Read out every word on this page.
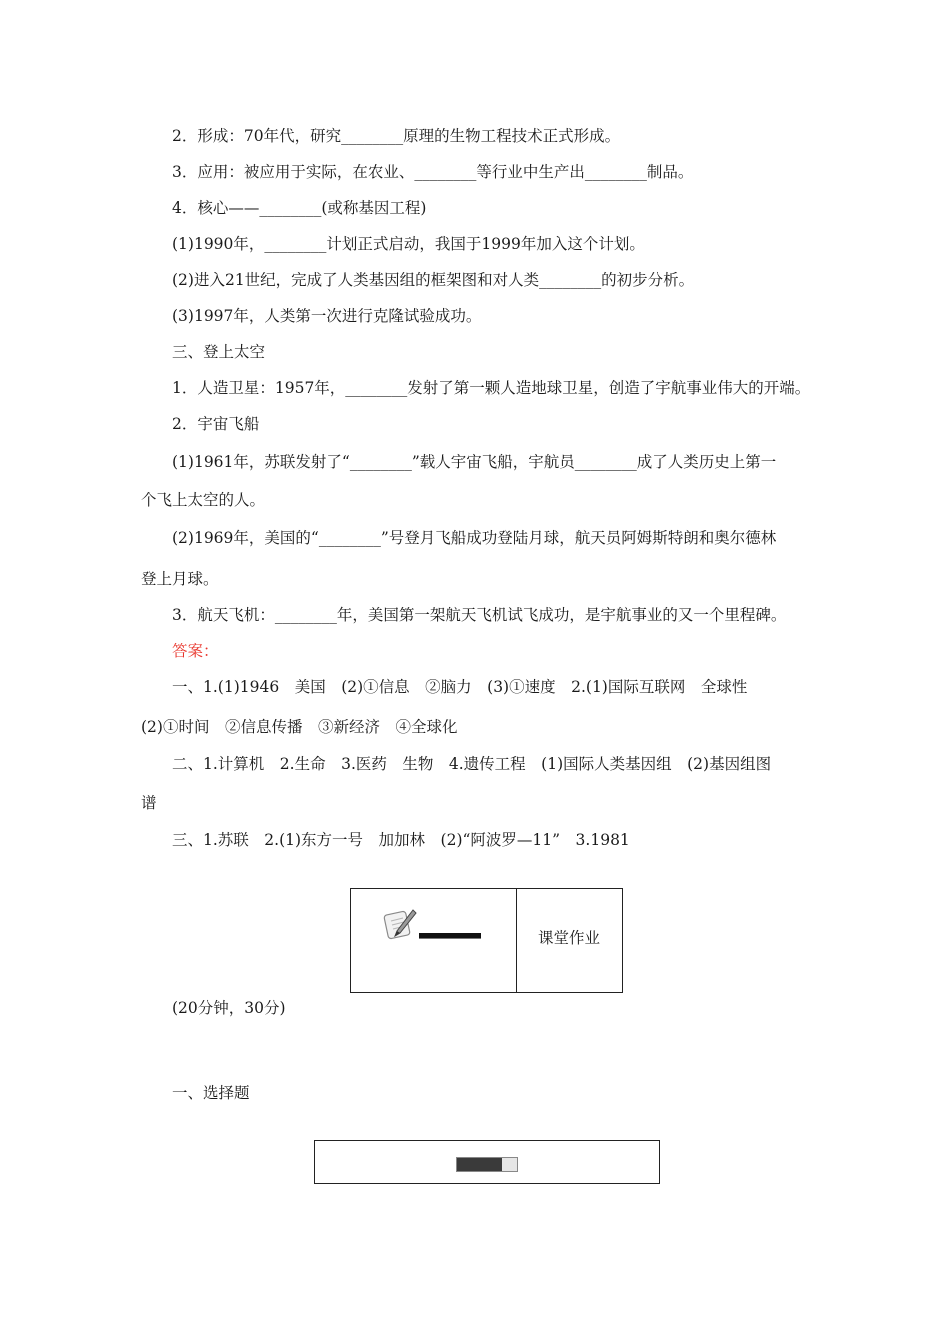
2．形成：70年代，研究________原理的生物工程技术正式形成。
3．应用：被应用于实际，在农业、________等行业中生产出________制品。
4．核心——________(或称基因工程)
(1)1990年，________计划正式启动，我国于1999年加入这个计划。
(2)进入21世纪，完成了人类基因组的框架图和对人类________的初步分析。
(3)1997年，人类第一次进行克隆试验成功。
三、登上太空
1．人造卫星：1957年，________发射了第一颗人造地球卫星，创造了宇航事业伟大的开端。
2．宇宙飞船
(1)1961年，苏联发射了“________”载人宇宙飞船，宇航员________成了人类历史上第一
个飞上太空的人。
(2)1969年，美国的“________”号登月飞船成功登陆月球，航天员阿姆斯特朗和奥尔德林
登上月球。
3．航天飞机：________年，美国第一架航天飞机试飞成功，是宇航事业的又一个里程碑。
答案：
一、1.(1)1946　美国　(2)①信息　②脑力　(3)①速度　2.(1)国际互联网　全球性
(2)①时间　②信息传播　③新经济　④全球化
二、1.计算机　2.生命　3.医药　生物　4.遗传工程　(1)国际人类基因组　(2)基因组图
谱
三、1.苏联　2.(1)东方一号　加加林　(2)“阿波罗—11”　3.1981
课堂作业
(20分钟，30分)
一、选择题
